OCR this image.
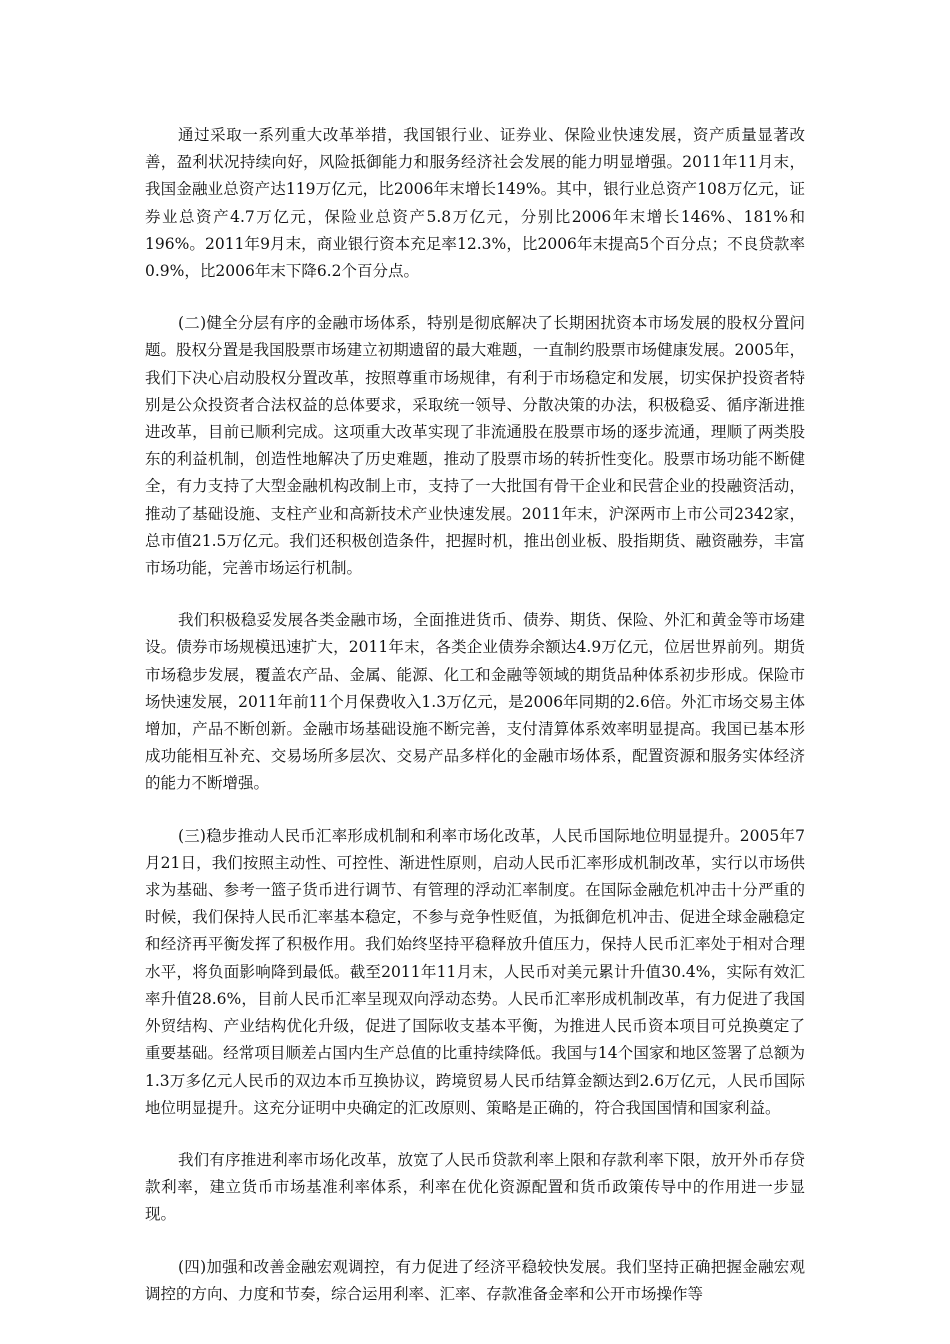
通过采取一系列重大改革举措，我国银行业、证券业、保险业快速发展，资产质量显著改善，盈利状况持续向好，风险抵御能力和服务经济社会发展的能力明显增强。2011年11月末，我国金融业总资产达119万亿元，比2006年末增长149%。其中，银行业总资产108万亿元，证券业总资产4.7万亿元，保险业总资产5.8万亿元，分别比2006年末增长146%、181%和196%。2011年9月末，商业银行资本充足率12.3%，比2006年末提高5个百分点；不良贷款率0.9%，比2006年末下降6.2个百分点。

(二)健全分层有序的金融市场体系，特别是彻底解决了长期困扰资本市场发展的股权分置问题。股权分置是我国股票市场建立初期遗留的最大难题，一直制约股票市场健康发展。2005年，我们下决心启动股权分置改革，按照尊重市场规律，有利于市场稳定和发展，切实保护投资者特别是公众投资者合法权益的总体要求，采取统一领导、分散决策的办法，积极稳妥、循序渐进推进改革，目前已顺利完成。这项重大改革实现了非流通股在股票市场的逐步流通，理顺了两类股东的利益机制，创造性地解决了历史难题，推动了股票市场的转折性变化。股票市场功能不断健全，有力支持了大型金融机构改制上市，支持了一大批国有骨干企业和民营企业的投融资活动，推动了基础设施、支柱产业和高新技术产业快速发展。2011年末，沪深两市上市公司2342家，总市值21.5万亿元。我们还积极创造条件，把握时机，推出创业板、股指期货、融资融券，丰富市场功能，完善市场运行机制。

我们积极稳妥发展各类金融市场，全面推进货币、债券、期货、保险、外汇和黄金等市场建设。债券市场规模迅速扩大，2011年末，各类企业债券余额达4.9万亿元，位居世界前列。期货市场稳步发展，覆盖农产品、金属、能源、化工和金融等领域的期货品种体系初步形成。保险市场快速发展，2011年前11个月保费收入1.3万亿元，是2006年同期的2.6倍。外汇市场交易主体增加，产品不断创新。金融市场基础设施不断完善，支付清算体系效率明显提高。我国已基本形成功能相互补充、交易场所多层次、交易产品多样化的金融市场体系，配置资源和服务实体经济的能力不断增强。

(三)稳步推动人民币汇率形成机制和利率市场化改革，人民币国际地位明显提升。2005年7月21日，我们按照主动性、可控性、渐进性原则，启动人民币汇率形成机制改革，实行以市场供求为基础、参考一篮子货币进行调节、有管理的浮动汇率制度。在国际金融危机冲击十分严重的时候，我们保持人民币汇率基本稳定，不参与竞争性贬值，为抵御危机冲击、促进全球金融稳定和经济再平衡发挥了积极作用。我们始终坚持平稳释放升值压力，保持人民币汇率处于相对合理水平，将负面影响降到最低。截至2011年11月末，人民币对美元累计升值30.4%，实际有效汇率升值28.6%，目前人民币汇率呈现双向浮动态势。人民币汇率形成机制改革，有力促进了我国外贸结构、产业结构优化升级，促进了国际收支基本平衡，为推进人民币资本项目可兑换奠定了重要基础。经常项目顺差占国内生产总值的比重持续降低。我国与14个国家和地区签署了总额为1.3万多亿元人民币的双边本币互换协议，跨境贸易人民币结算金额达到2.6万亿元，人民币国际地位明显提升。这充分证明中央确定的汇改原则、策略是正确的，符合我国国情和国家利益。

我们有序推进利率市场化改革，放宽了人民币贷款利率上限和存款利率下限，放开外币存贷款利率，建立货币市场基准利率体系，利率在优化资源配置和货币政策传导中的作用进一步显现。

(四)加强和改善金融宏观调控，有力促进了经济平稳较快发展。我们坚持正确把握金融宏观调控的方向、力度和节奏，综合运用利率、汇率、存款准备金率和公开市场操作等
